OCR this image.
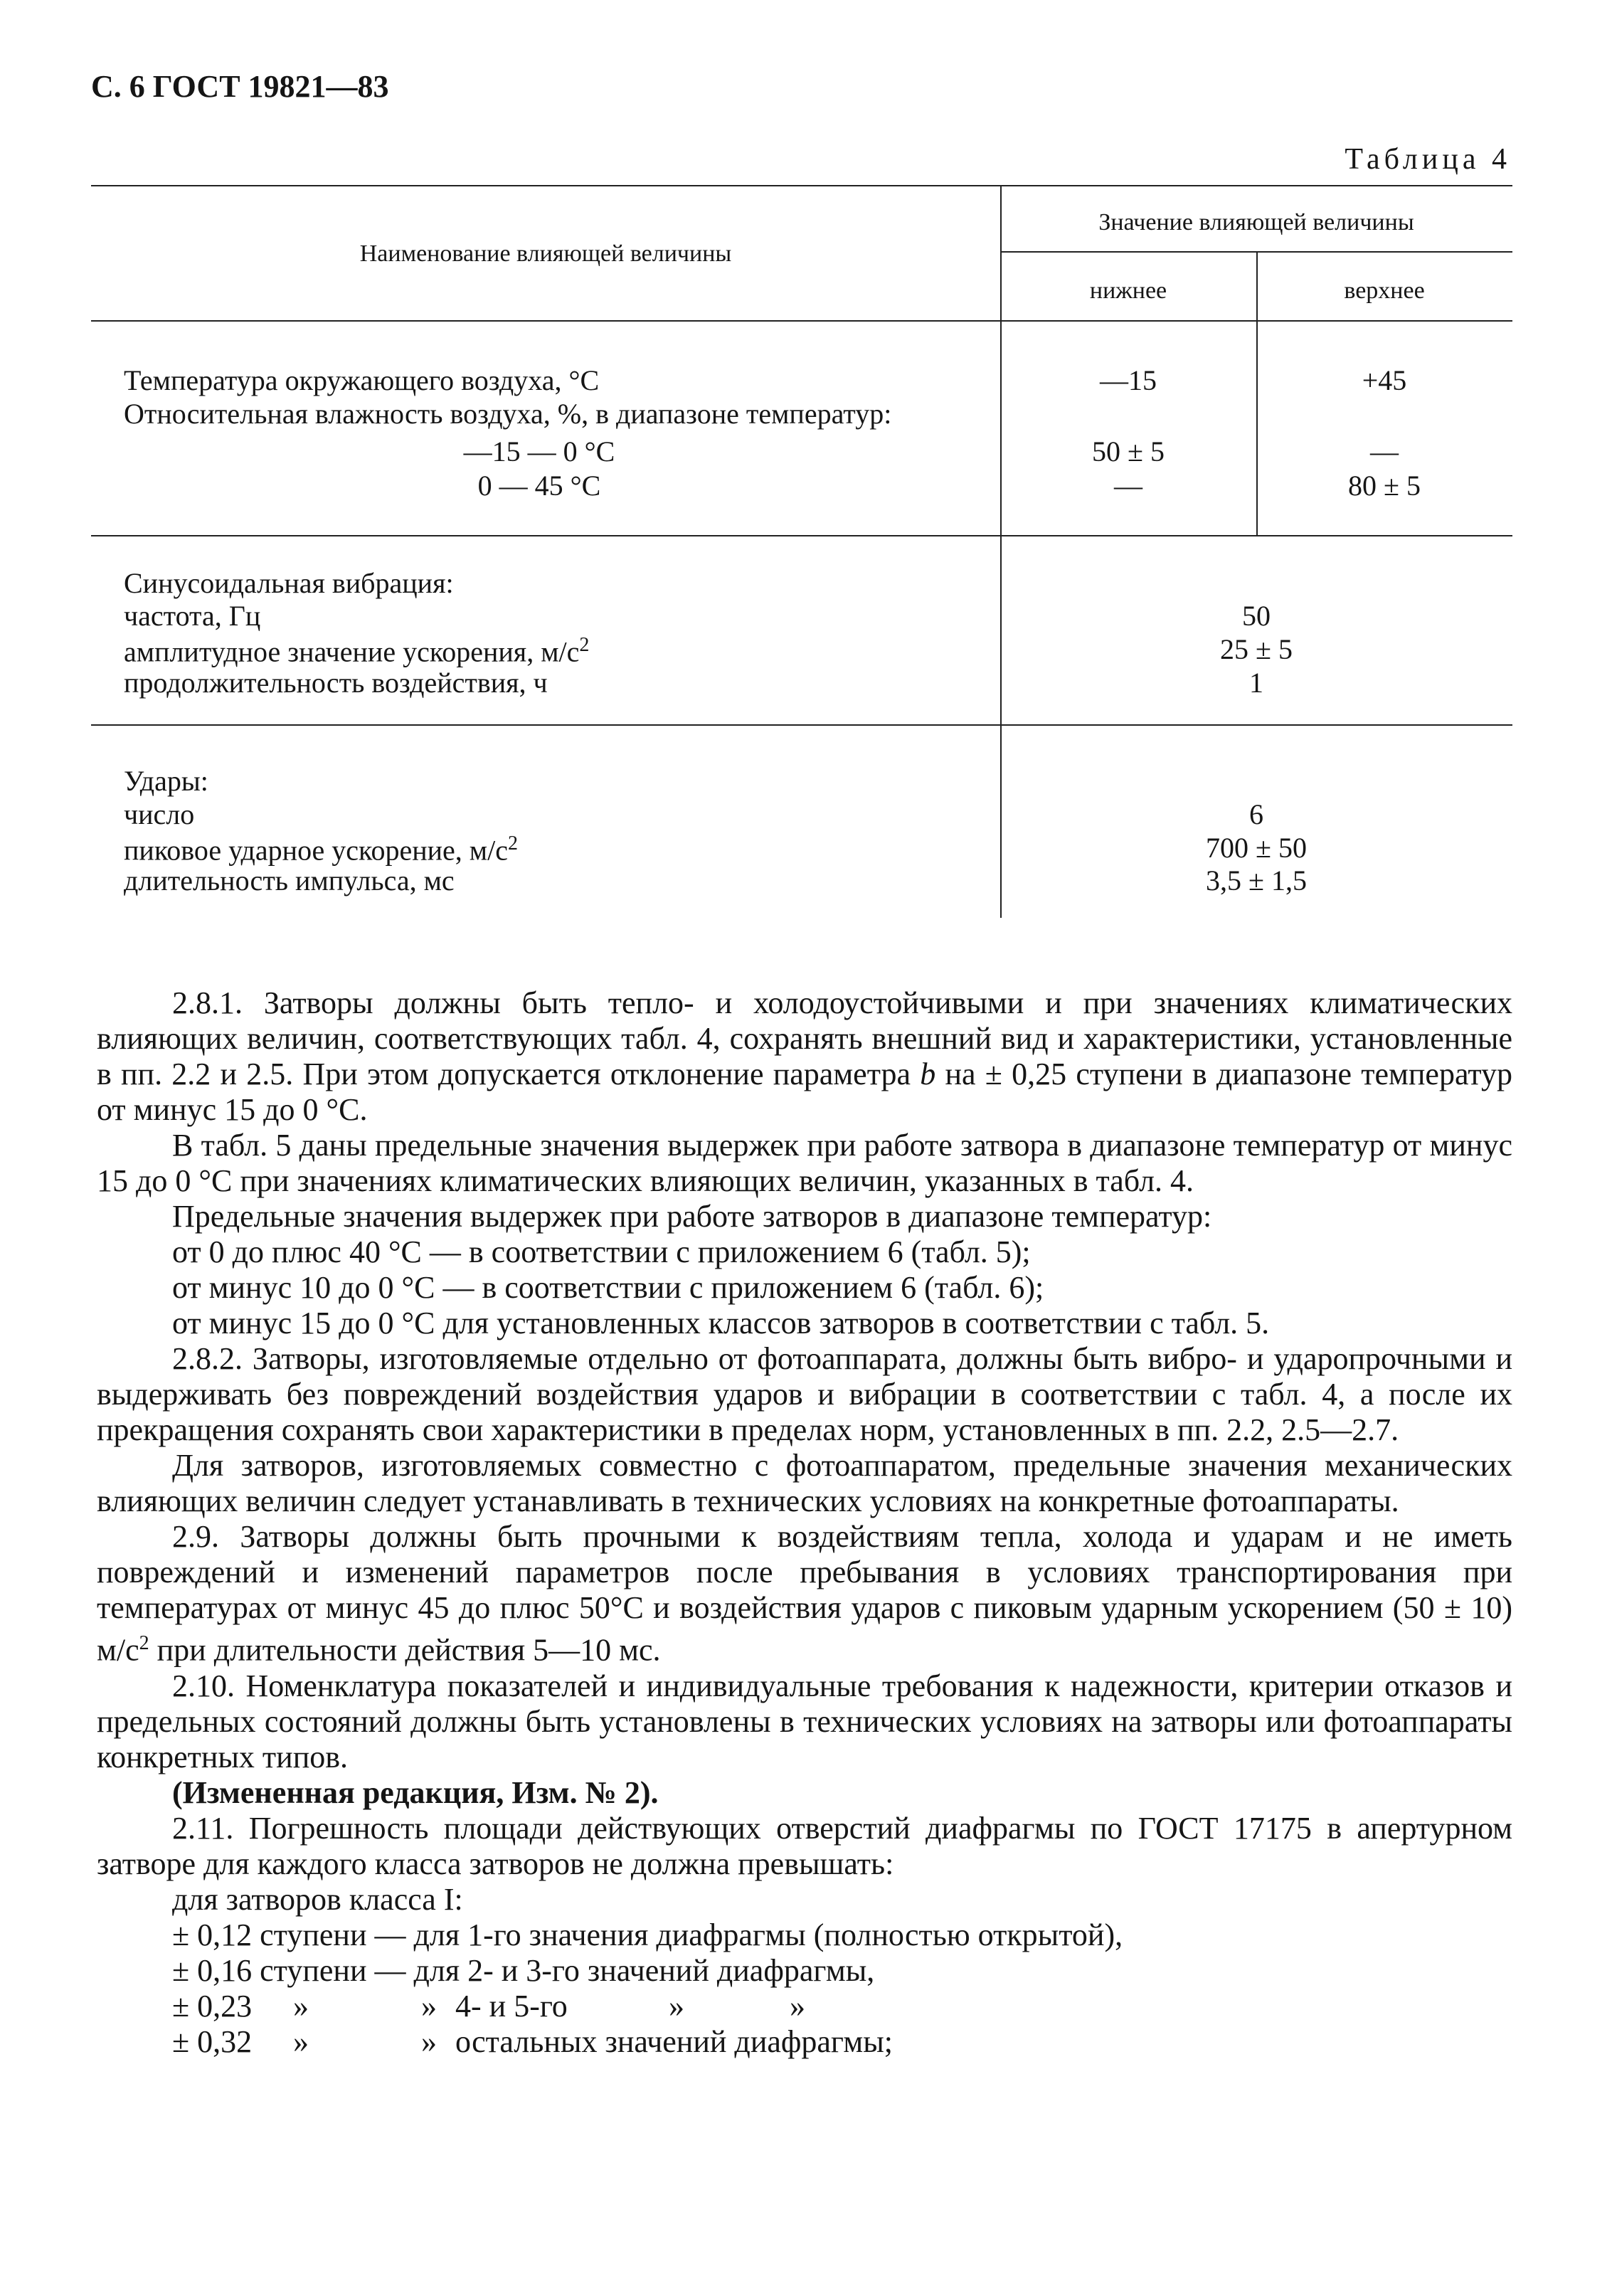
С. 6 ГОСТ 19821—83
Таблица 4
Наименование влияющей величины
Значение влияющей величины
нижнее	верхнее
Температура окружающего воздуха, °С	—15	+45
Относительная влажность воздуха, %, в диапазоне температур:
—15 — 0 °С	50 ± 5	—
0 — 45 °С	—	80 ± 5
Синусоидальная вибрация:
частота, Гц	50
амплитудное значение ускорения, $м/с^2$	25 ± 5
продолжительность воздействия, ч	1
Удары:
число	6
пиковое ударное ускорение, $м/с^2$	700 ± 50
длительность импульса, мс	3,5 ± 1,5

2.8.1. Затворы должны быть тепло- и холодоустойчивыми и при значениях климатических влияющих величин, соответствующих табл. 4, сохранять внешний вид и характеристики, установленные в пп. 2.2 и 2.5. При этом допускается отклонение параметра b на ± 0,25 ступени в диапазоне температур от минус 15 до 0 °С.

В табл. 5 даны предельные значения выдержек при работе затвора в диапазоне температур от минус 15 до 0 °С при значениях климатических влияющих величин, указанных в табл. 4.

Предельные значения выдержек при работе затворов в диапазоне температур:

от 0 до плюс 40 °С — в соответствии с приложением 6 (табл. 5);

от минус 10 до 0 °С — в соответствии с приложением 6 (табл. 6);

от минус 15 до 0 °С для установленных классов затворов в соответствии с табл. 5.

2.8.2. Затворы, изготовляемые отдельно от фотоаппарата, должны быть вибро- и ударопрочными и выдерживать без повреждений воздействия ударов и вибрации в соответствии с табл. 4, а после их прекращения сохранять свои характеристики в пределах норм, установленных в пп. 2.2, 2.5—2.7.

Для затворов, изготовляемых совместно с фотоаппаратом, предельные значения механических влияющих величин следует устанавливать в технических условиях на конкретные фотоаппараты.

2.9. Затворы должны быть прочными к воздействиям тепла, холода и ударам и не иметь повреждений и изменений параметров после пребывания в условиях транспортирования при температурах от минус 45 до плюс 50°С и воздействия ударов с пиковым ударным ускорением (50 ± 10) $м/с^2$ при длительности действия 5—10 мс.

2.10. Номенклатура показателей и индивидуальные требования к надежности, критерии отказов и предельных состояний должны быть установлены в технических условиях на затворы или фотоаппараты конкретных типов.

(Измененная редакция, Изм. № 2).

2.11. Погрешность площади действующих отверстий диафрагмы по ГОСТ 17175 в апертурном затворе для каждого класса затворов не должна превышать:

для затворов класса I:

± 0,12 ступени — для 1-го значения диафрагмы (полностью открытой),

± 0,16 ступени — для 2- и 3-го значений диафрагмы,

± 0,23	»	» 4- и 5-го	»	»
± 0,32	»	» остальных значений диафрагмы;
